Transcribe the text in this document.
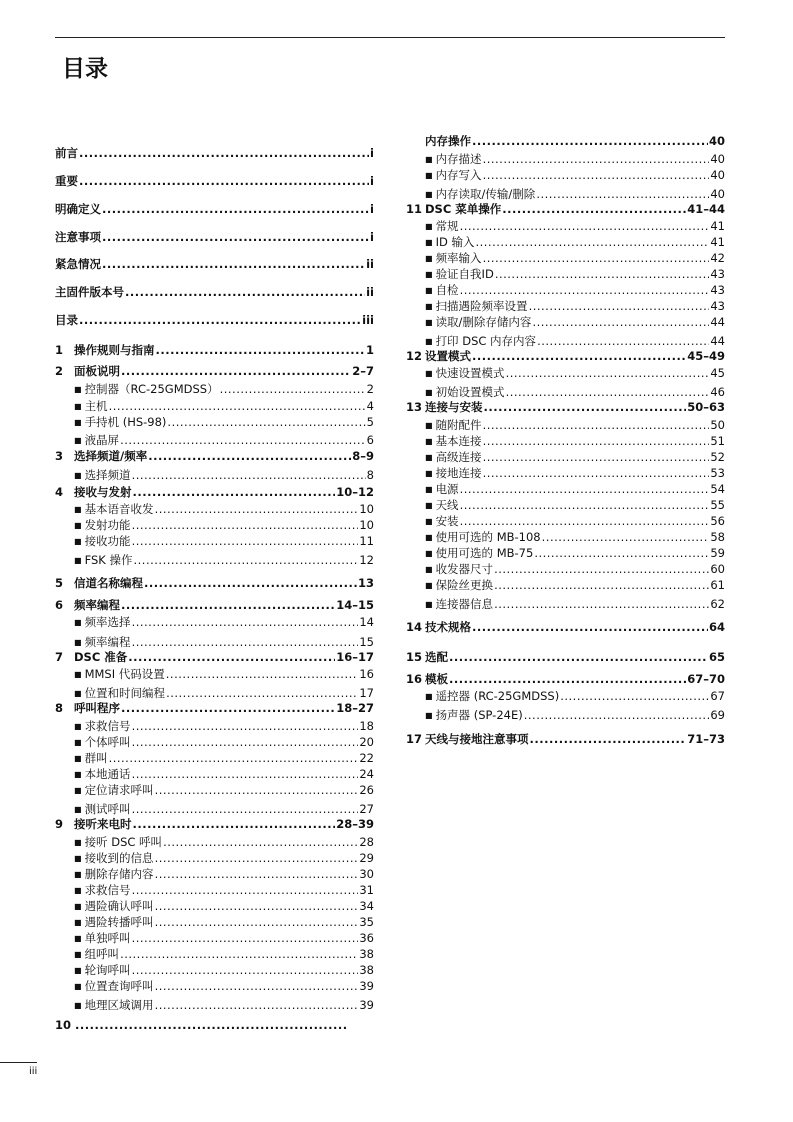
目录
前言 .....	i
重要 .....	i
明确定义 .....	i
注意事项 .....	i
紧急情况 .....	ii
主固件版本号 .....	ii
目录 .....	iii
1 操作规则与指南 .....	1
2 面板说明 .....	2–7
■ 控制器（RC-25GMDSS） .....	2
■ 主机 .....	4
■ 手持机 (HS-98) .....	5
■ 液晶屏 .....	6
3 选择频道/频率 .....	8–9
■ 选择频道 .....	8
4 接收与发射 .....	10–12
■ 基本语音收发 .....	10
■ 发射功能 .....	10
■ 接收功能 .....	11
■ FSK 操作 .....	12
5 信道名称编程 .....	13
6 频率编程 .....	14–15
■ 频率选择 .....	14
■ 频率编程 .....	15
7 DSC 准备 .....	16–17
■ MMSI 代码设置 .....	16
■ 位置和时间编程 .....	17
8 呼叫程序 .....	18–27
■ 求救信号 .....	18
■ 个体呼叫 .....	20
■ 群叫 .....	22
■ 本地通话 .....	24
■ 定位请求呼叫 .....	26
■ 测试呼叫 .....	27
9 接听来电时 .....	28–39
■ 接听 DSC 呼叫 .....	28
■ 接收到的信息 .....	29
■ 删除存储内容 .....	30
■ 求救信号 .....	31
■ 遇险确认呼叫 .....	34
■ 遇险转播呼叫 .....	35
■ 单独呼叫 .....	36
■ 组呼叫 .....	38
■ 轮询呼叫 .....	38
■ 位置查询呼叫 .....	39
■ 地理区域调用 .....	39
10
.....
内存操作 .....	40
■ 内存描述 .....	40
■ 内存写入 .....	40
■ 内存读取/传输/删除 .....	40
11 DSC 菜单操作 .....	41–44
■ 常规 .....	41
■ ID 输入 .....	41
■ 频率输入 .....	42
■ 验证自我ID .....	43
■ 自检 .....	43
■ 扫描遇险频率设置 .....	43
■ 读取/删除存储内容 .....	44
■ 打印 DSC 内存内容 .....	44
12 设置模式 .....	45–49
■ 快速设置模式 .....	45
■ 初始设置模式 .....	46
13 连接与安装 .....	50–63
■ 随附配件 .....	50
■ 基本连接 .....	51
■ 高级连接 .....	52
■ 接地连接 .....	53
■ 电源 .....	54
■ 天线 .....	55
■ 安装 .....	56
■ 使用可选的 MB-108 .....	58
■ 使用可选的 MB-75 .....	59
■ 收发器尺寸 .....	60
■ 保险丝更换 .....	61
■ 连接器信息 .....	62
14 技术规格 .....	64
15 选配 .....	65
16 模板 .....	67–70
■ 遥控器 (RC-25GMDSS) .....	67
■ 扬声器 (SP-24E) .....	69
17 天线与接地注意事项 .....	71–73
iii
